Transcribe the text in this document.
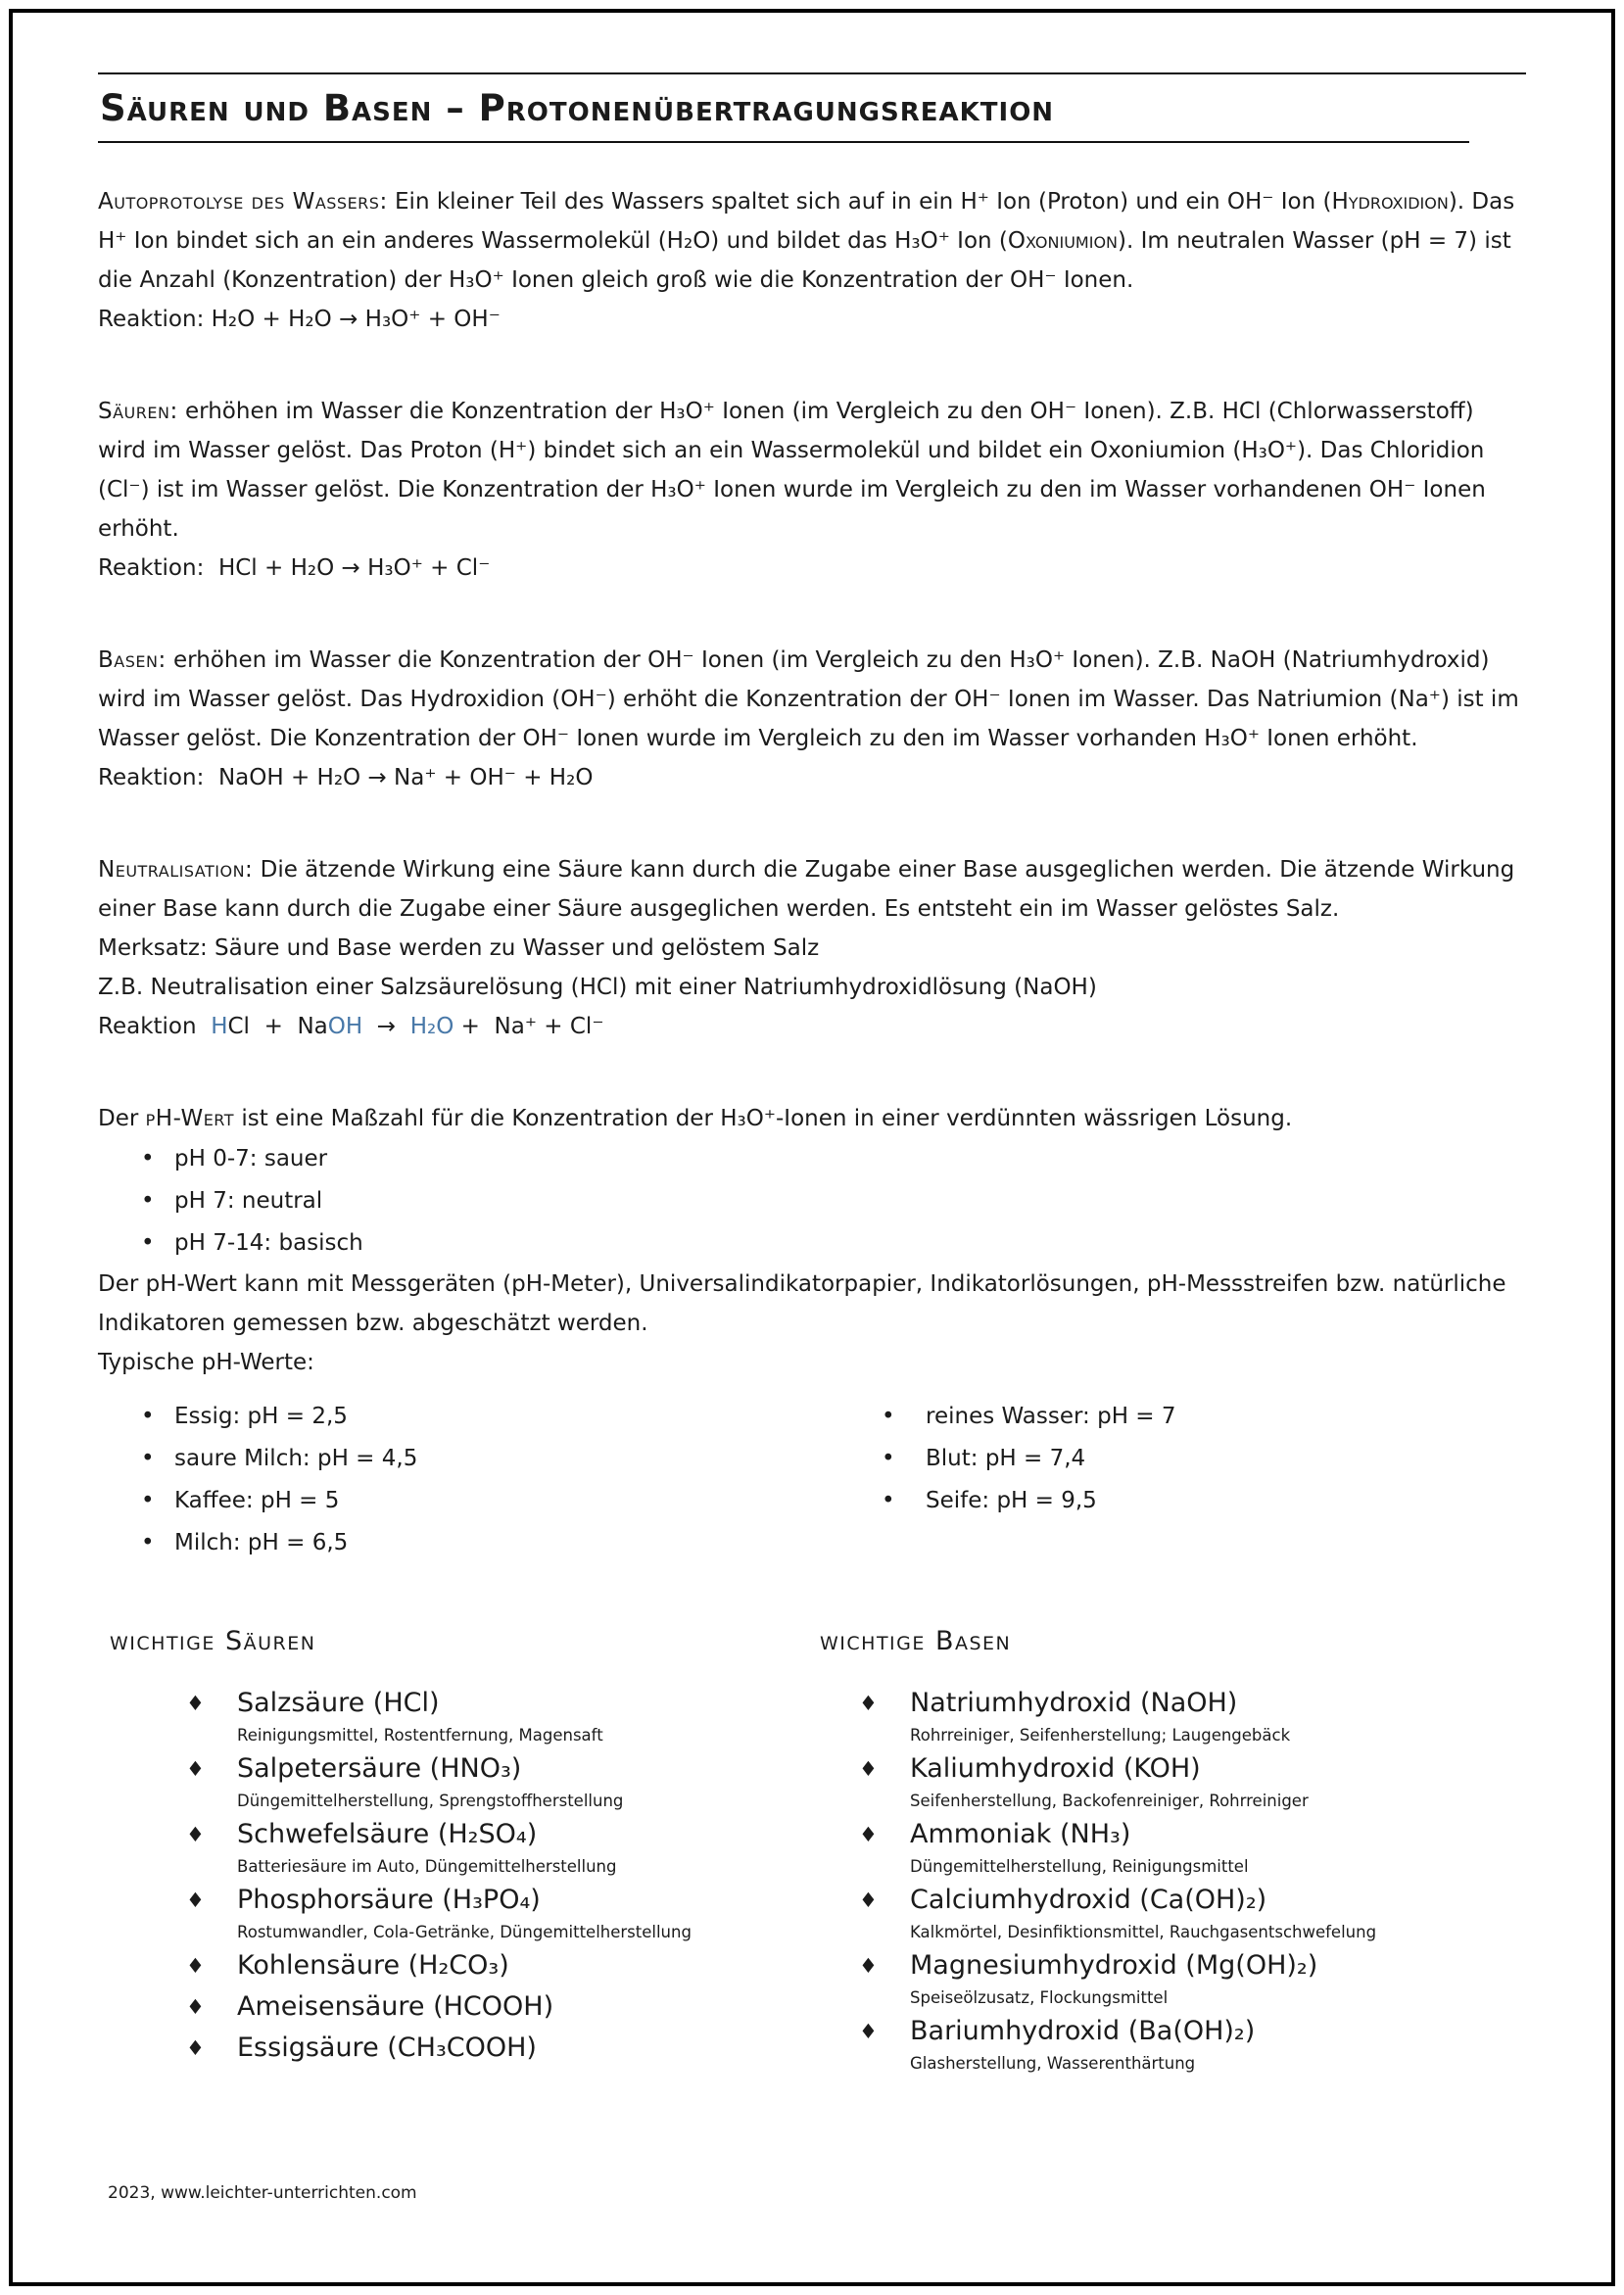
Säuren und Basen – Protonenübertragungsreaktion
Autoprotolyse des Wassers: Ein kleiner Teil des Wassers spaltet sich auf in ein H⁺ Ion (Proton) und ein OH⁻ Ion (Hydroxidion). Das H⁺ Ion bindet sich an ein anderes Wassermolekül (H₂O) und bildet das H₃O⁺ Ion (Oxoniumion). Im neutralen Wasser (pH = 7) ist die Anzahl (Konzentration) der H₃O⁺ Ionen gleich groß wie die Konzentration der OH⁻ Ionen.
Reaktion: H₂O + H₂O → H₃O⁺ + OH⁻
Säuren: erhöhen im Wasser die Konzentration der H₃O⁺ Ionen (im Vergleich zu den OH⁻ Ionen). Z.B. HCl (Chlorwasserstoff) wird im Wasser gelöst. Das Proton (H⁺) bindet sich an ein Wassermolekül und bildet ein Oxoniumion (H₃O⁺). Das Chloridion (Cl⁻) ist im Wasser gelöst. Die Konzentration der H₃O⁺ Ionen wurde im Vergleich zu den im Wasser vorhandenen OH⁻ Ionen erhöht.
Reaktion:  HCl + H₂O → H₃O⁺ + Cl⁻
Basen: erhöhen im Wasser die Konzentration der OH⁻ Ionen (im Vergleich zu den H₃O⁺ Ionen). Z.B. NaOH (Natriumhydroxid) wird im Wasser gelöst. Das Hydroxidion (OH⁻) erhöht die Konzentration der OH⁻ Ionen im Wasser. Das Natriumion (Na⁺) ist im Wasser gelöst. Die Konzentration der OH⁻ Ionen wurde im Vergleich zu den im Wasser vorhanden H₃O⁺ Ionen erhöht.
Reaktion:  NaOH + H₂O → Na⁺ + OH⁻ + H₂O
Neutralisation: Die ätzende Wirkung eine Säure kann durch die Zugabe einer Base ausgeglichen werden. Die ätzende Wirkung einer Base kann durch die Zugabe einer Säure ausgeglichen werden. Es entsteht ein im Wasser gelöstes Salz.
Merksatz: Säure und Base werden zu Wasser und gelöstem Salz
Z.B. Neutralisation einer Salzsäurelösung (HCl) mit einer Natriumhydroxidlösung (NaOH)
Reaktion  HCl  +  NaOH  →  H₂O +  Na⁺ + Cl⁻
Der pH-Wert ist eine Maßzahl für die Konzentration der H₃O⁺-Ionen in einer verdünnten wässrigen Lösung.
• pH 0-7: sauer
• pH 7: neutral
• pH 7-14: basisch
Der pH-Wert kann mit Messgeräten (pH-Meter), Universalindikatorpapier, Indikatorlösungen, pH-Messstreifen bzw. natürliche Indikatoren gemessen bzw. abgeschätzt werden.
Typische pH-Werte:
• Essig: pH = 2,5
• saure Milch: pH = 4,5
• Kaffee: pH = 5
• Milch: pH = 6,5
•	reines Wasser: pH = 7
•	Blut: pH = 7,4
•	Seife: pH = 9,5
wichtige Säuren
♦	Salzsäure (HCl)
Reinigungsmittel, Rostentfernung, Magensaft
♦	Salpetersäure (HNO₃)
Düngemittelherstellung, Sprengstoffherstellung
♦	Schwefelsäure (H₂SO₄)
Batteriesäure im Auto, Düngemittelherstellung
♦	Phosphorsäure (H₃PO₄)
Rostumwandler, Cola-Getränke, Düngemittelherstellung
♦	Kohlensäure (H₂CO₃)
♦	Ameisensäure (HCOOH)
♦	Essigsäure (CH₃COOH)
wichtige Basen
♦	Natriumhydroxid (NaOH)
Rohrreiniger, Seifenherstellung; Laugengebäck
♦	Kaliumhydroxid (KOH)
Seifenherstellung, Backofenreiniger, Rohrreiniger
♦	Ammoniak (NH₃)
Düngemittelherstellung, Reinigungsmittel
♦	Calciumhydroxid (Ca(OH)₂)
Kalkmörtel, Desinfiktionsmittel, Rauchgasentschwefelung
♦	Magnesiumhydroxid (Mg(OH)₂)
Speiseölzusatz, Flockungsmittel
♦	Bariumhydroxid (Ba(OH)₂)
Glasherstellung, Wasserenthärtung
2023, www.leichter-unterrichten.com
